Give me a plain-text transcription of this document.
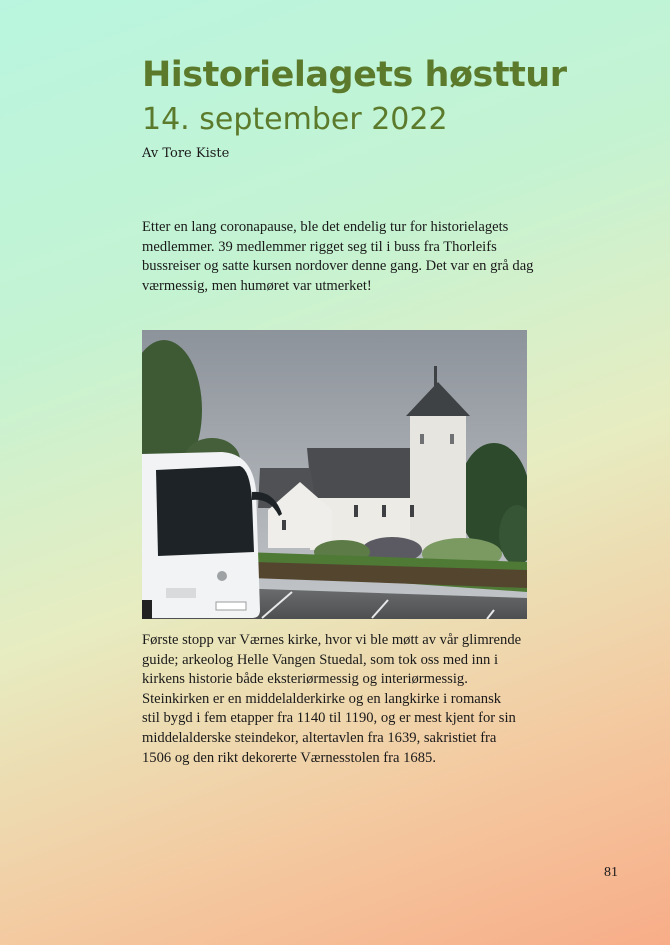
Historielagets høsttur
14. september 2022
Av Tore Kiste

Etter en lang coronapause, ble det endelig tur for historielagets medlemmer. 39 medlemmer rigget seg til i buss fra Thorleifs bussreiser og satte kursen nordover denne gang. Det var en grå dag værmessig, men humøret var utmerket!

Første stopp var Værnes kirke, hvor vi ble møtt av vår glimrende guide; arkeolog Helle Vangen Stuedal, som tok oss med inn i kirkens historie både eksteriørmessig og interiørmessig. Steinkirken er en middelalderkirke og en langkirke i romansk stil bygd i fem etapper fra 1140 til 1190, og er mest kjent for sin middelalderske steindekor, altertavlen fra 1639, sakristiet fra 1506 og den rikt dekorerte Værnesstolen fra 1685.

81
